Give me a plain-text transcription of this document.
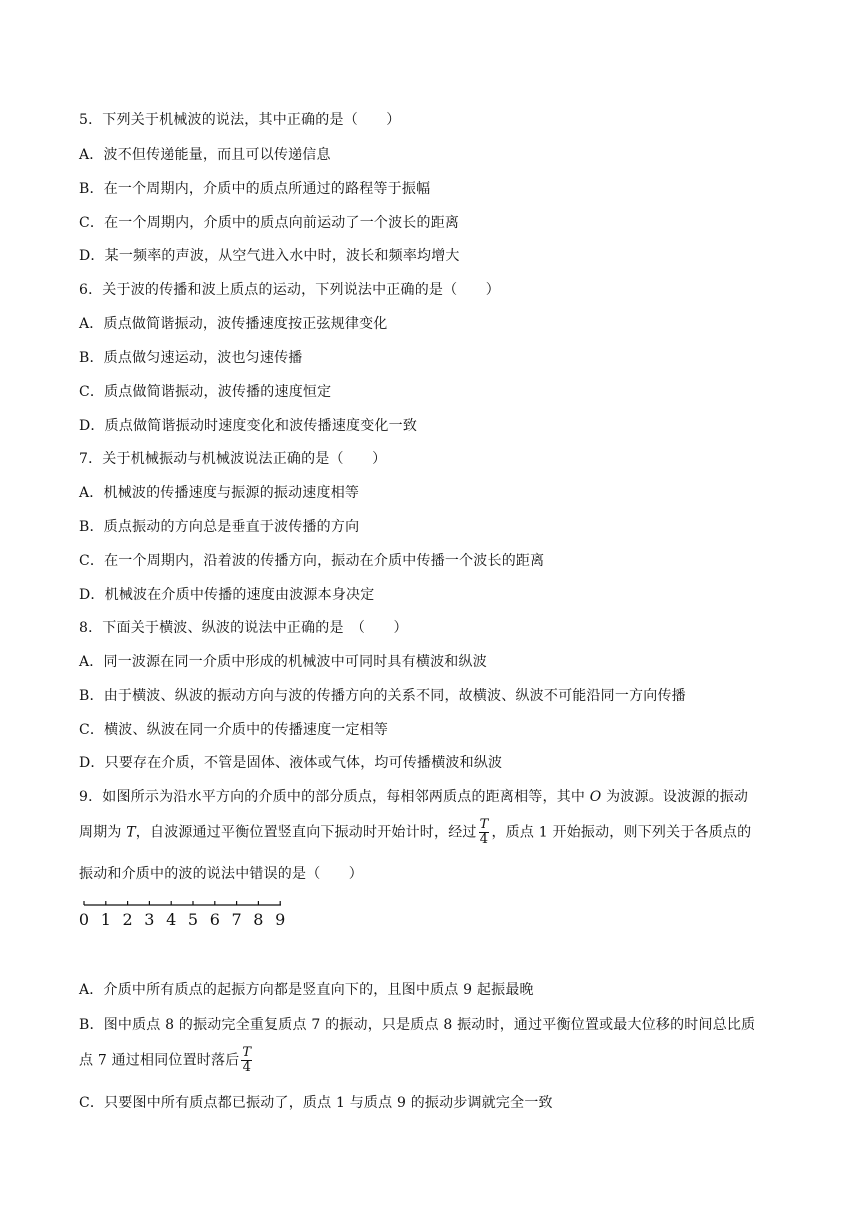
5．下列关于机械波的说法，其中正确的是（　　）
A．波不但传递能量，而且可以传递信息
B．在一个周期内，介质中的质点所通过的路程等于振幅
C．在一个周期内，介质中的质点向前运动了一个波长的距离
D．某一频率的声波，从空气进入水中时，波长和频率均增大
6．关于波的传播和波上质点的运动，下列说法中正确的是（　　）
A．质点做简谐振动，波传播速度按正弦规律变化
B．质点做匀速运动，波也匀速传播
C．质点做简谐振动，波传播的速度恒定
D．质点做简谐振动时速度变化和波传播速度变化一致
7．关于机械振动与机械波说法正确的是（　　）
A．机械波的传播速度与振源的振动速度相等
B．质点振动的方向总是垂直于波传播的方向
C．在一个周期内，沿着波的传播方向，振动在介质中传播一个波长的距离
D．机械波在介质中传播的速度由波源本身决定
8．下面关于横波、纵波的说法中正确的是　（　　）
A．同一波源在同一介质中形成的机械波中可同时具有横波和纵波
B．由于横波、纵波的振动方向与波的传播方向的关系不同，故横波、纵波不可能沿同一方向传播
C．横波、纵波在同一介质中的传播速度一定相等
D．只要存在介质，不管是固体、液体或气体，均可传播横波和纵波
9．如图所示为沿水平方向的介质中的部分质点，每相邻两质点的距离相等，其中 O 为波源。设波源的振动
周期为 T，自波源通过平衡位置竖直向下振动时开始计时，经过 $\frac{T}{4}$ ，质点 1 开始振动，则下列关于各质点的
振动和介质中的波的说法中错误的是（　　）
0 1 2 3 4 5 6 7 8 9
A．介质中所有质点的起振方向都是竖直向下的，且图中质点 9 起振最晚
B．图中质点 8 的振动完全重复质点 7 的振动，只是质点 8 振动时，通过平衡位置或最大位移的时间总比质
点 7 通过相同位置时落后 $\frac{T}{4}$
C．只要图中所有质点都已振动了，质点 1 与质点 9 的振动步调就完全一致
